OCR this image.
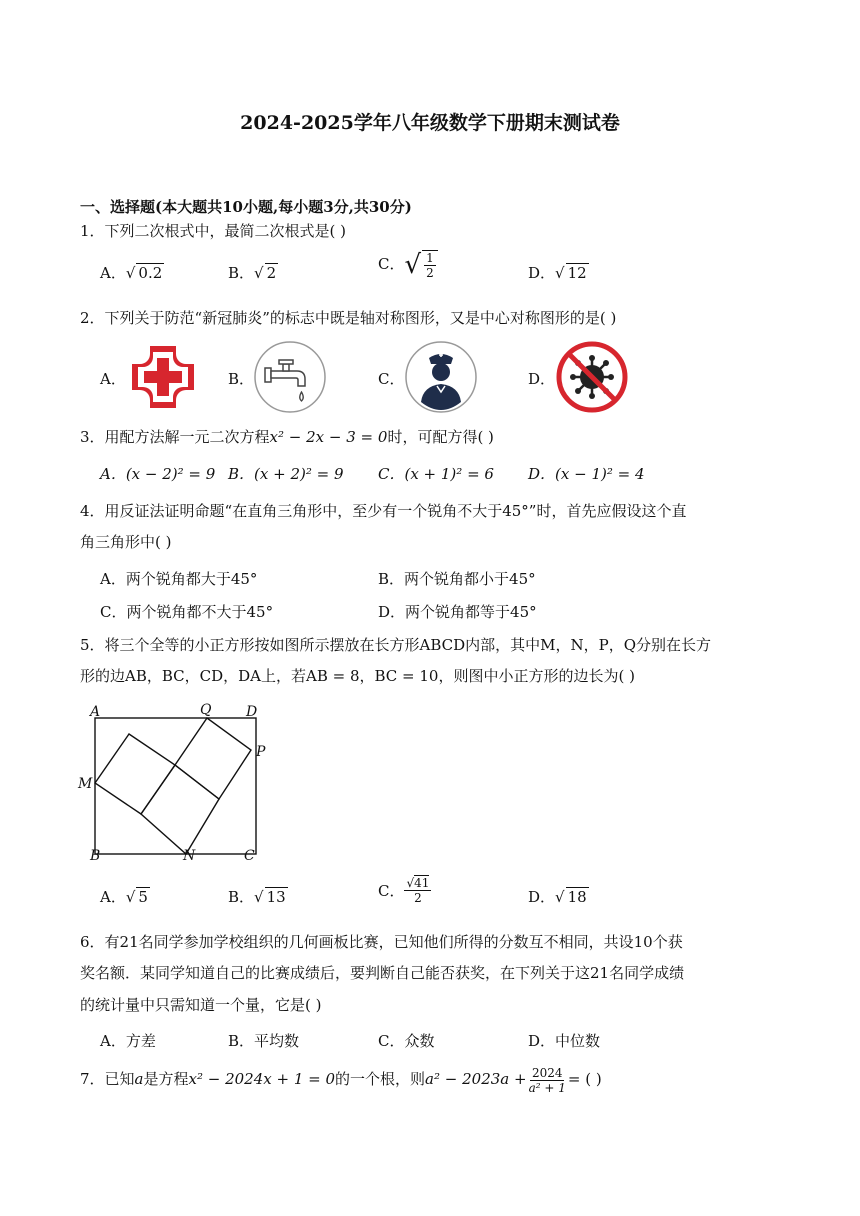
2024-2025学年八年级数学下册期末测试卷
一、选择题(本大题共10小题,每小题3分,共30分)
1．下列二次根式中，最简二次根式是( )
A．√ 0.2	B．√ 2	C．√ $\frac{1}{2}$	D．√ 12
2．下列关于防范“新冠肺炎”的标志中既是轴对称图形，又是中心对称图形的是( )
A．	B．	C．	D．
3．用配方法解一元二次方程x² − 2x − 3 = 0时，可配方得( )
A．(x − 2)² = 9 B．(x + 2)² = 9 C．(x + 1)² = 6 D．(x − 1)² = 4
4．用反证法证明命题“在直角三角形中，至少有一个锐角不大于45°”时，首先应假设这个直
角三角形中( )
A．两个锐角都大于45°	B．两个锐角都小于45°
C．两个锐角都不大于45°	D．两个锐角都等于45°
5．将三个全等的小正方形按如图所示摆放在长方形ABCD内部，其中M，N，P，Q分别在长方
形的边AB，BC，CD，DA上，若AB = 8，BC = 10，则图中小正方形的边长为( )
A	Q D
P
M
B	N	C
A．√ 5	B．√ 13	C． $\frac{√41}{2}$	D．√ 18
6．有21名同学参加学校组织的几何画板比赛，已知他们所得的分数互不相同，共设10个获
奖名额．某同学知道自己的比赛成绩后，要判断自己能否获奖，在下列关于这21名同学成绩
的统计量中只需知道一个量，它是( )
A．方差	B．平均数	C．众数	D．中位数
7．已知a是方程x² − 2024x + 1 = 0的一个根，则$a^2 - 2023a + \frac{2024}{\text{a² + 1}}$ = ( )
